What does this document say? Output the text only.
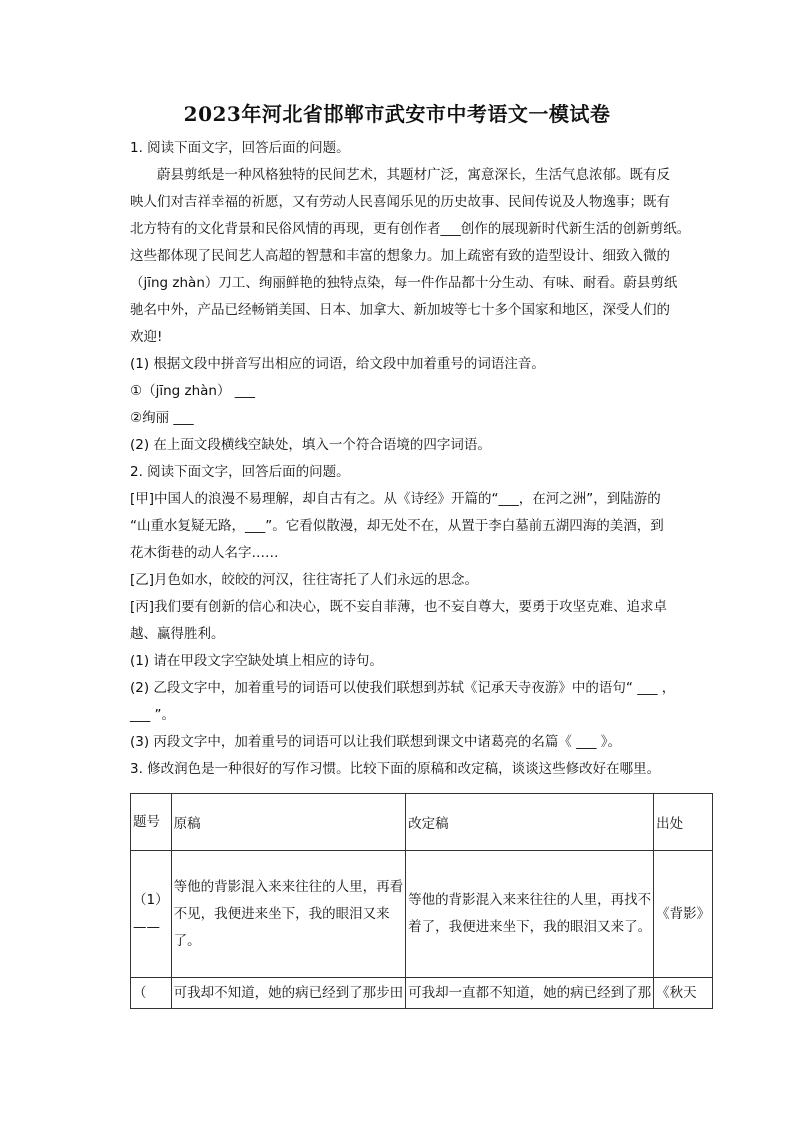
2023年河北省邯郸市武安市中考语文一模试卷
1. 阅读下面文字，回答后面的问题。
蔚县剪纸是一种风格独特的民间艺术，其题材广泛，寓意深长，生活气息浓郁。既有反
映人们对吉祥幸福的祈愿，又有劳动人民喜闻乐见的历史故事、民间传说及人物逸事；既有
北方特有的文化背景和民俗风情的再现，更有创作者___创作的展现新时代新生活的创新剪纸。
这些都体现了民间艺人高超的智慧和丰富的想象力。加上疏密有致的造型设计、细致入微的
（jīng zhàn）刀工、绚丽鲜艳的独特点染，每一件作品都十分生动、有味、耐看。蔚县剪纸
驰名中外，产品已经畅销美国、日本、加拿大、新加坡等七十多个国家和地区，深受人们的
欢迎!
(1) 根据文段中拼音写出相应的词语，给文段中加着重号的词语注音。
①（jīng zhàn） ___
②绚丽 ___
(2) 在上面文段横线空缺处，填入一个符合语境的四字词语。
2. 阅读下面文字，回答后面的问题。
[甲]中国人的浪漫不易理解，却自古有之。从《诗经》开篇的“___，在河之洲”，到陆游的
“山重水复疑无路，___”。它看似散漫，却无处不在，从置于李白墓前五湖四海的美酒，到
花木街巷的动人名字……
[乙]月色如水，皎皎的河汉，往往寄托了人们永远的思念。
[丙]我们要有创新的信心和决心，既不妄自菲薄，也不妄自尊大，要勇于攻坚克难、追求卓
越、赢得胜利。
(1) 请在甲段文字空缺处填上相应的诗句。
(2) 乙段文字中，加着重号的词语可以使我们联想到苏轼《记承天寺夜游》中的语句“ ___ ，
___ ”。
(3) 丙段文字中，加着重号的词语可以让我们联想到课文中诸葛亮的名篇《 ___ 》。
3. 修改润色是一种很好的写作习惯。比较下面的原稿和改定稿，谈谈这些修改好在哪里。
题号	原稿	改定稿	出处
（1）——	等他的背影混入来来往往的人里，再看不见，我便进来坐下，我的眼泪又来了。	等他的背影混入来来往往的人里，再找不着了，我便进来坐下，我的眼泪又来了。	《背影》
（	可我却不知道，她的病已经到了那步田	可我却一直都不知道，她的病已经到了那	《秋天
